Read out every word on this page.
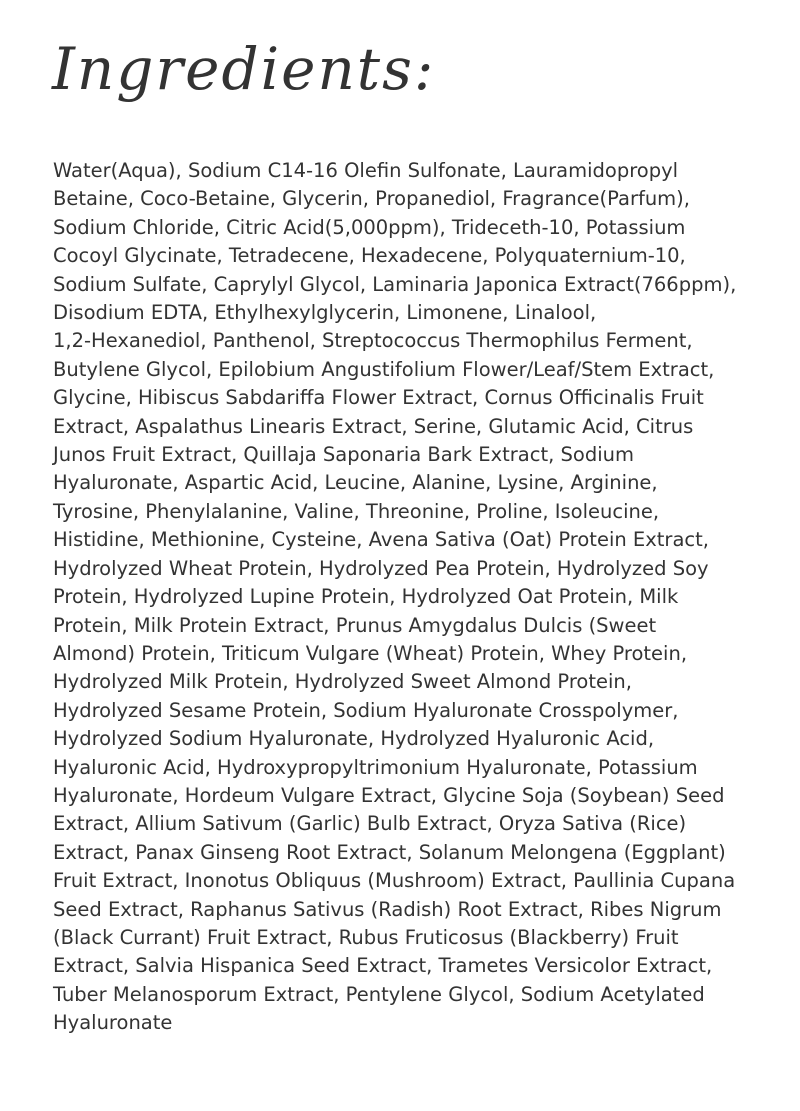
Ingredients:
Water(Aqua), Sodium C14-16 Olefin Sulfonate, Lauramidopropyl
Betaine, Coco-Betaine, Glycerin, Propanediol, Fragrance(Parfum),
Sodium Chloride, Citric Acid(5,000ppm), Trideceth-10, Potassium
Cocoyl Glycinate, Tetradecene, Hexadecene, Polyquaternium-10,
Sodium Sulfate, Caprylyl Glycol, Laminaria Japonica Extract(766ppm),
Disodium EDTA, Ethylhexylglycerin, Limonene, Linalool,
1,2-Hexanediol, Panthenol, Streptococcus Thermophilus Ferment,
Butylene Glycol, Epilobium Angustifolium Flower/Leaf/Stem Extract,
Glycine, Hibiscus Sabdariffa Flower Extract, Cornus Officinalis Fruit
Extract, Aspalathus Linearis Extract, Serine, Glutamic Acid, Citrus
Junos Fruit Extract, Quillaja Saponaria Bark Extract, Sodium
Hyaluronate, Aspartic Acid, Leucine, Alanine, Lysine, Arginine,
Tyrosine, Phenylalanine, Valine, Threonine, Proline, Isoleucine,
Histidine, Methionine, Cysteine, Avena Sativa (Oat) Protein Extract,
Hydrolyzed Wheat Protein, Hydrolyzed Pea Protein, Hydrolyzed Soy
Protein, Hydrolyzed Lupine Protein, Hydrolyzed Oat Protein, Milk
Protein, Milk Protein Extract, Prunus Amygdalus Dulcis (Sweet
Almond) Protein, Triticum Vulgare (Wheat) Protein, Whey Protein,
Hydrolyzed Milk Protein, Hydrolyzed Sweet Almond Protein,
Hydrolyzed Sesame Protein, Sodium Hyaluronate Crosspolymer,
Hydrolyzed Sodium Hyaluronate, Hydrolyzed Hyaluronic Acid,
Hyaluronic Acid, Hydroxypropyltrimonium Hyaluronate, Potassium
Hyaluronate, Hordeum Vulgare Extract, Glycine Soja (Soybean) Seed
Extract, Allium Sativum (Garlic) Bulb Extract, Oryza Sativa (Rice)
Extract, Panax Ginseng Root Extract, Solanum Melongena (Eggplant)
Fruit Extract, Inonotus Obliquus (Mushroom) Extract, Paullinia Cupana
Seed Extract, Raphanus Sativus (Radish) Root Extract, Ribes Nigrum
(Black Currant) Fruit Extract, Rubus Fruticosus (Blackberry) Fruit
Extract, Salvia Hispanica Seed Extract, Trametes Versicolor Extract,
Tuber Melanosporum Extract, Pentylene Glycol, Sodium Acetylated
Hyaluronate
